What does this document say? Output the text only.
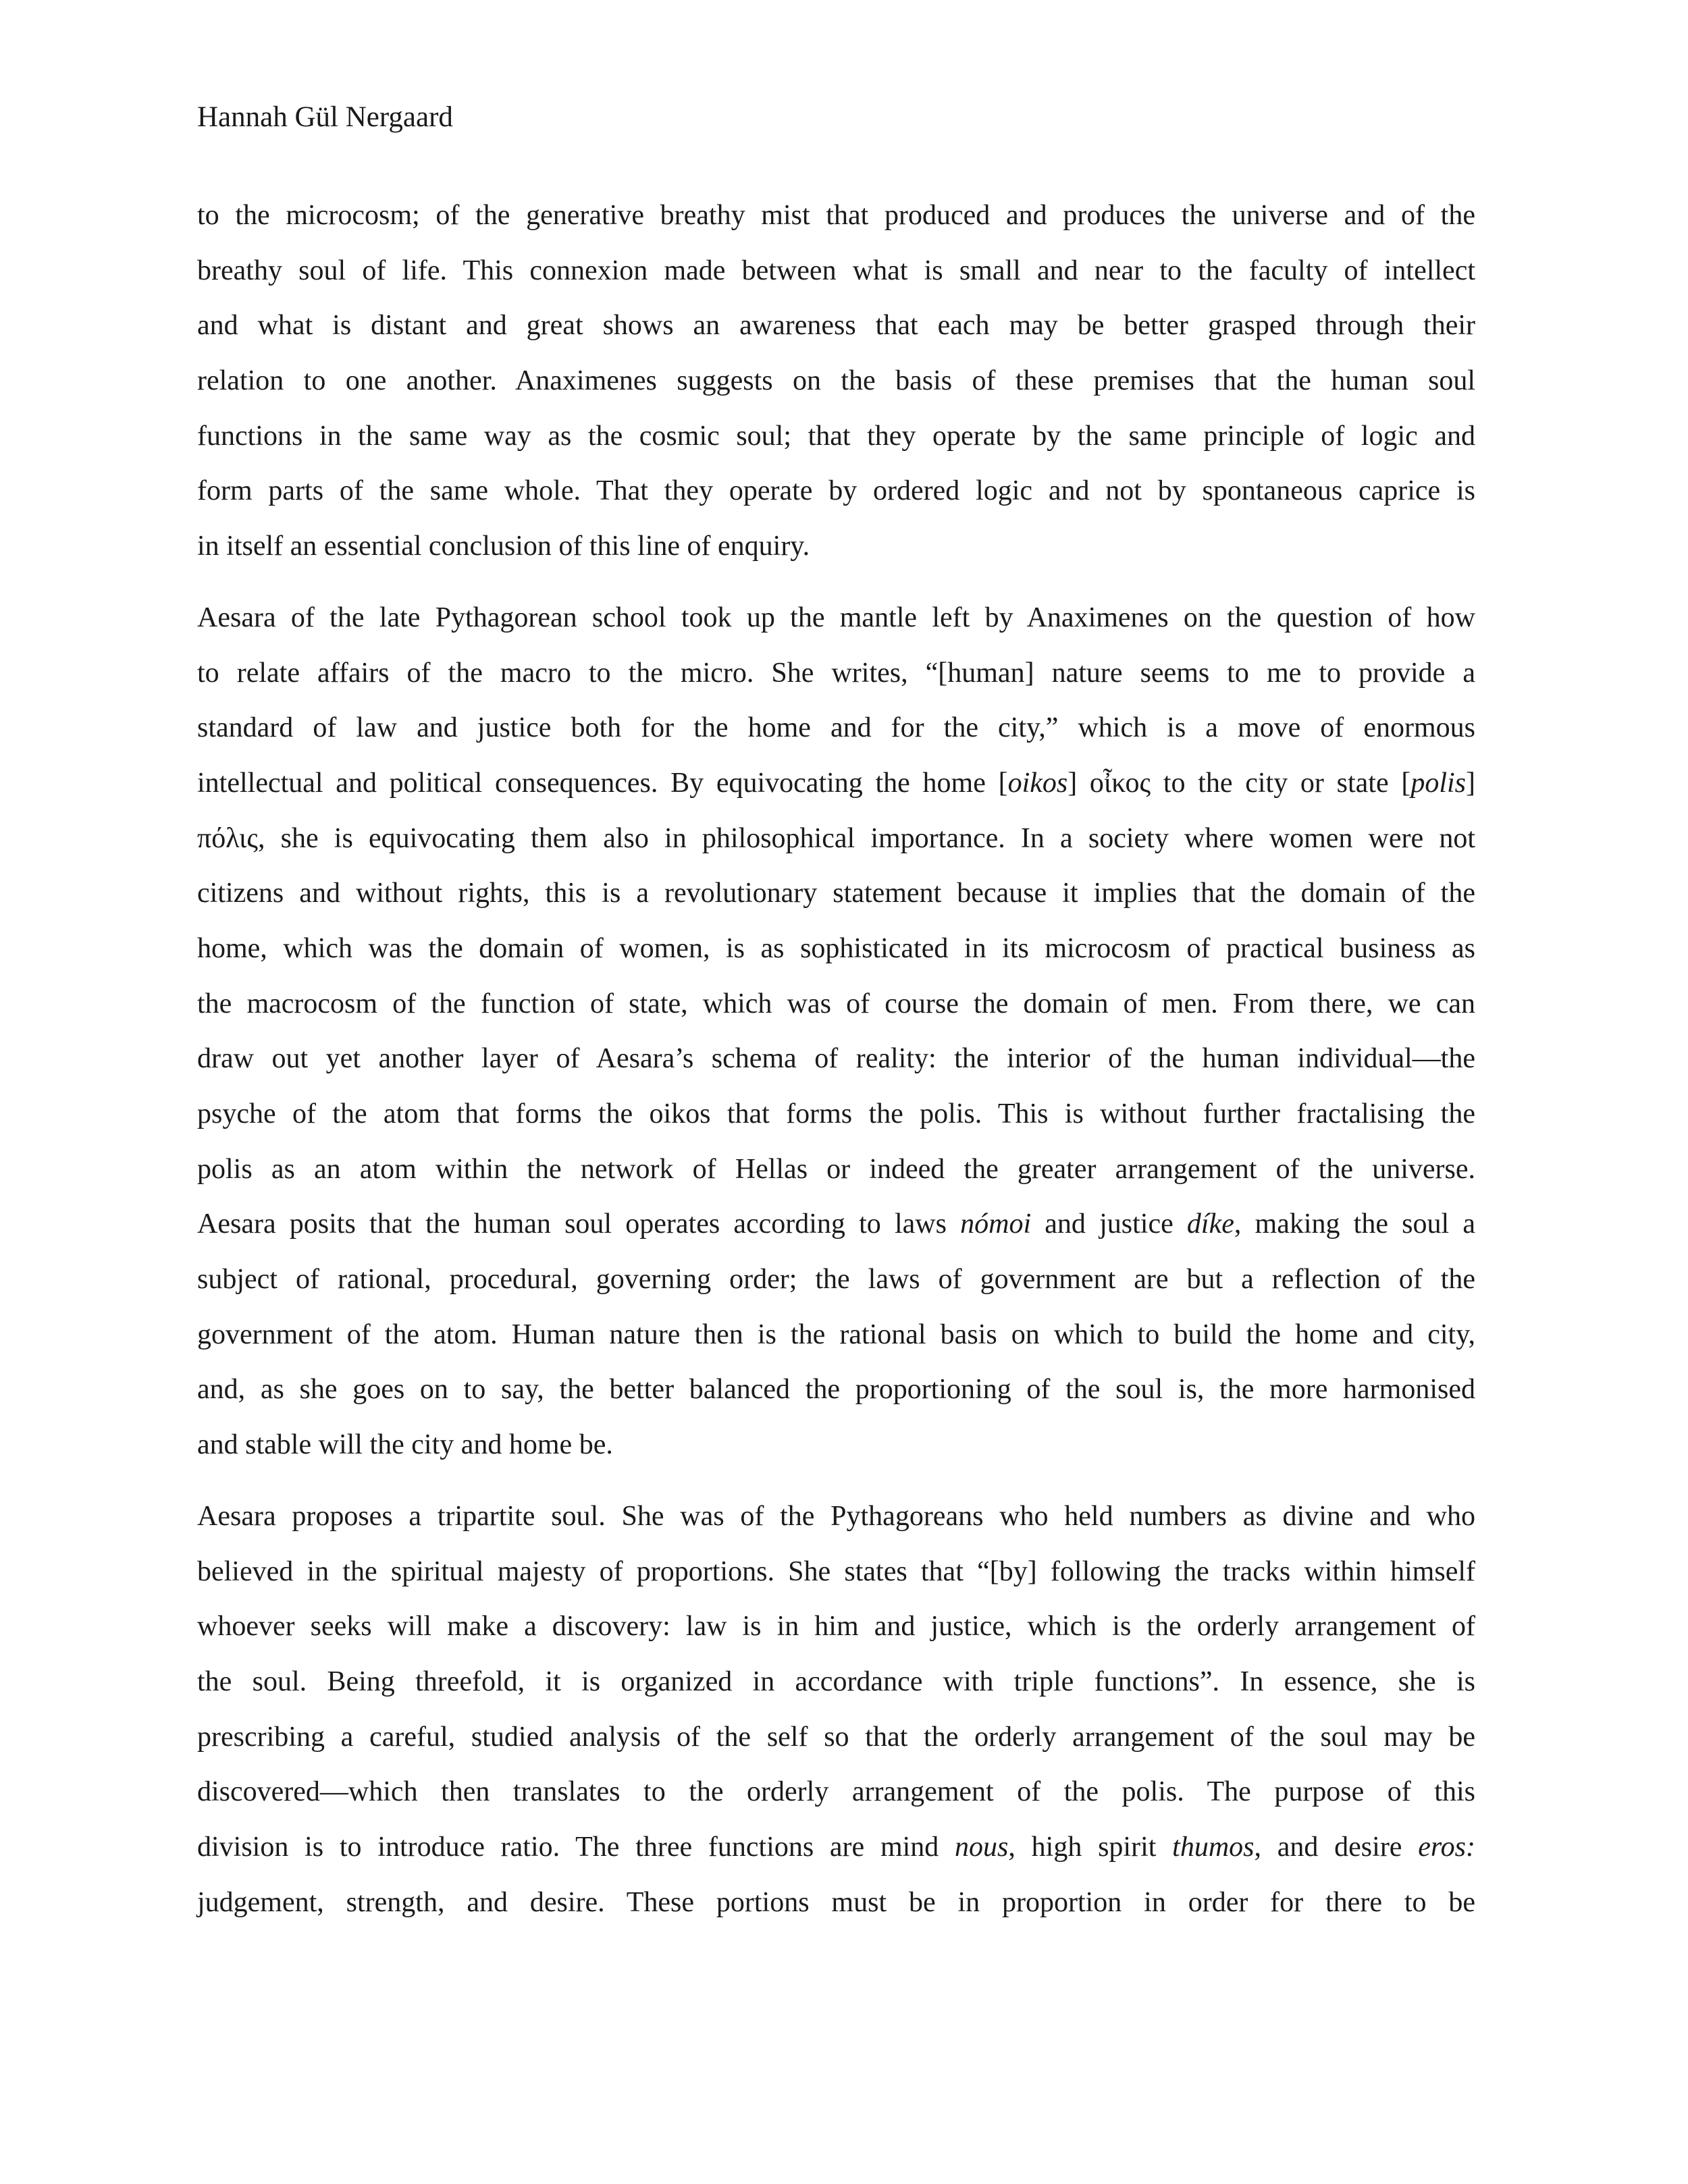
Hannah Gül Nergaard
to the microcosm; of the generative breathy mist that produced and produces the universe and of the
breathy soul of life. This connexion made between what is small and near to the faculty of intellect
and what is distant and great shows an awareness that each may be better grasped through their
relation to one another. Anaximenes suggests on the basis of these premises that the human soul
functions in the same way as the cosmic soul; that they operate by the same principle of logic and
form parts of the same whole. That they operate by ordered logic and not by spontaneous caprice is
in itself an essential conclusion of this line of enquiry.
Aesara of the late Pythagorean school took up the mantle left by Anaximenes on the question of how
to relate affairs of the macro to the micro. She writes, “[human] nature seems to me to provide a
standard of law and justice both for the home and for the city,” which is a move of enormous
intellectual and political consequences. By equivocating the home [oikos] οἶκος to the city or state [polis]
πόλις, she is equivocating them also in philosophical importance. In a society where women were not
citizens and without rights, this is a revolutionary statement because it implies that the domain of the
home, which was the domain of women, is as sophisticated in its microcosm of practical business as
the macrocosm of the function of state, which was of course the domain of men. From there, we can
draw out yet another layer of Aesara’s schema of reality: the interior of the human individual—the
psyche of the atom that forms the oikos that forms the polis. This is without further fractalising the
polis as an atom within the network of Hellas or indeed the greater arrangement of the universe.
Aesara posits that the human soul operates according to laws nómoi and justice díke, making the soul a
subject of rational, procedural, governing order; the laws of government are but a reflection of the
government of the atom. Human nature then is the rational basis on which to build the home and city,
and, as she goes on to say, the better balanced the proportioning of the soul is, the more harmonised
and stable will the city and home be.
Aesara proposes a tripartite soul. She was of the Pythagoreans who held numbers as divine and who
believed in the spiritual majesty of proportions. She states that “[by] following the tracks within himself
whoever seeks will make a discovery: law is in him and justice, which is the orderly arrangement of
the soul. Being threefold, it is organized in accordance with triple functions”. In essence, she is
prescribing a careful, studied analysis of the self so that the orderly arrangement of the soul may be
discovered—which then translates to the orderly arrangement of the polis. The purpose of this
division is to introduce ratio. The three functions are mind nous, high spirit thumos, and desire eros:
judgement, strength, and desire. These portions must be in proportion in order for there to be
